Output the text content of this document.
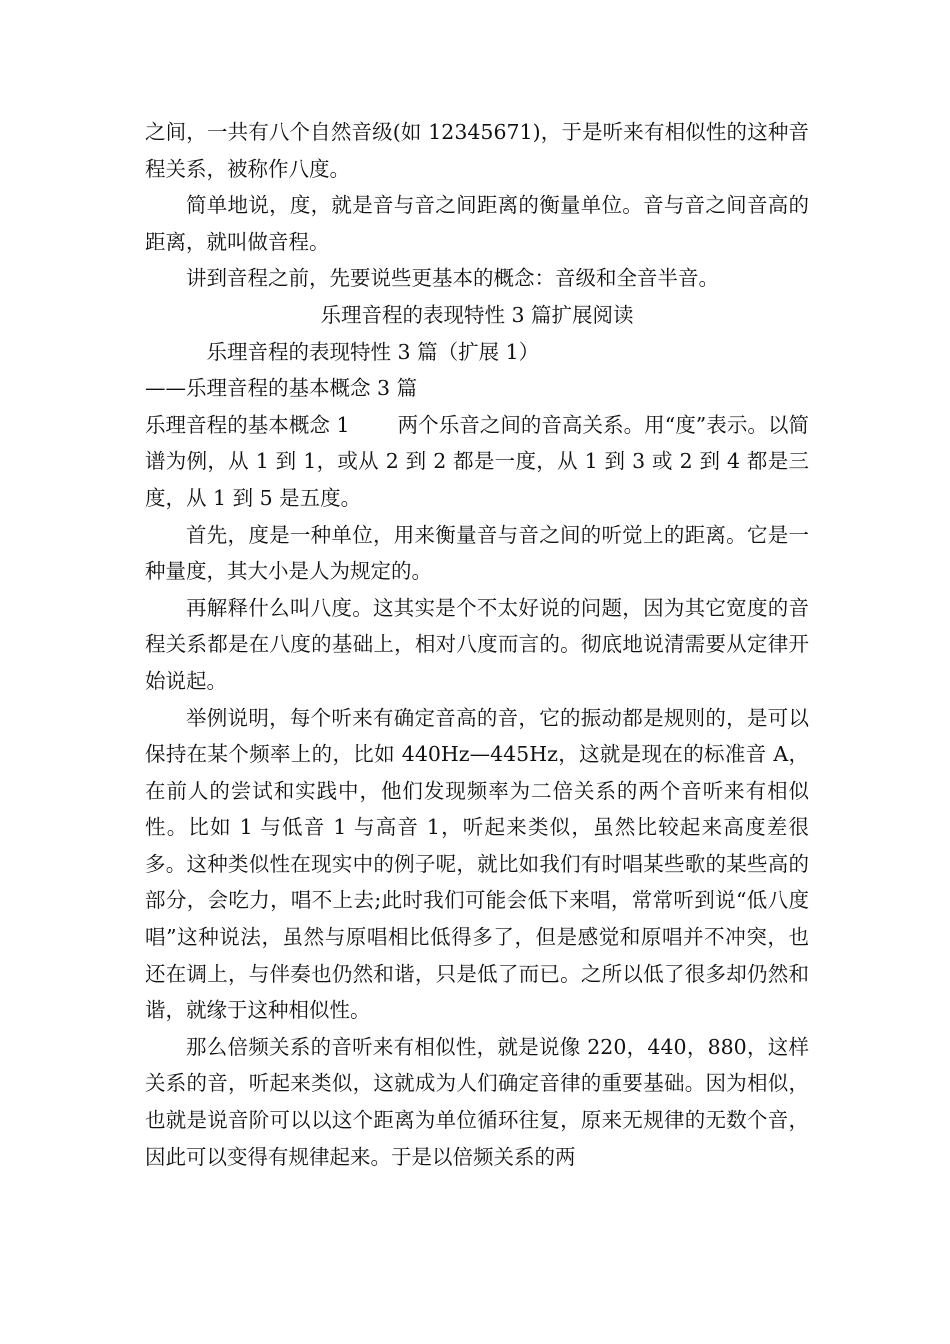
之间，一共有八个自然音级(如 12345671)，于是听来有相似性的这种音程关系，被称作八度。

简单地说，度，就是音与音之间距离的衡量单位。音与音之间音高的距离，就叫做音程。

讲到音程之前，先要说些更基本的概念：音级和全音半音。

乐理音程的表现特性 3 篇扩展阅读

乐理音程的表现特性 3 篇（扩展 1）

——乐理音程的基本概念 3 篇

乐理音程的基本概念 1 两个乐音之间的音高关系。用“度”表示。以简谱为例，从 1 到 1，或从 2 到 2 都是一度，从 1 到 3 或 2 到 4 都是三度，从 1 到 5 是五度。

首先，度是一种单位，用来衡量音与音之间的听觉上的距离。它是一种量度，其大小是人为规定的。

再解释什么叫八度。这其实是个不太好说的问题，因为其它宽度的音程关系都是在八度的基础上，相对八度而言的。彻底地说清需要从定律开始说起。

举例说明，每个听来有确定音高的音，它的振动都是规则的，是可以保持在某个频率上的，比如 440Hz—445Hz，这就是现在的标准音 A，在前人的尝试和实践中，他们发现频率为二倍关系的两个音听来有相似性。比如 1 与低音 1 与高音 1，听起来类似，虽然比较起来高度差很多。这种类似性在现实中的例子呢，就比如我们有时唱某些歌的某些高的部分，会吃力，唱不上去;此时我们可能会低下来唱，常常听到说“低八度唱”这种说法，虽然与原唱相比低得多了，但是感觉和原唱并不冲突，也还在调上，与伴奏也仍然和谐，只是低了而已。之所以低了很多却仍然和谐，就缘于这种相似性。

那么倍频关系的音听来有相似性，就是说像 220，440，880，这样关系的音，听起来类似，这就成为人们确定音律的重要基础。因为相似，也就是说音阶可以以这个距离为单位循环往复，原来无规律的无数个音，因此可以变得有规律起来。于是以倍频关系的两
